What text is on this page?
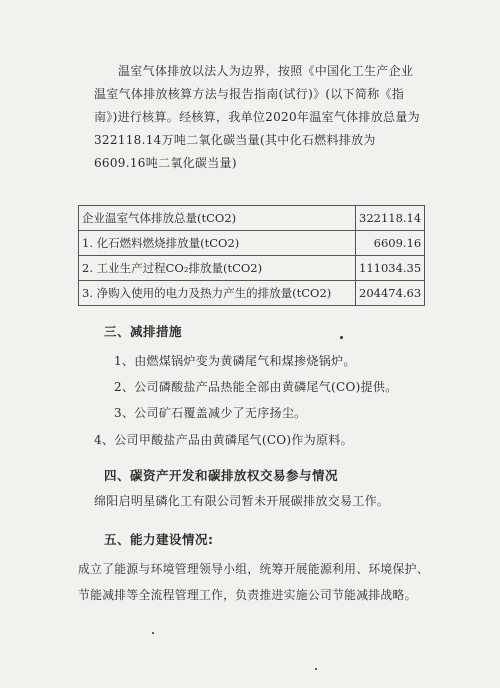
温室气体排放以法人为边界，按照《中国化工生产企业温室气体排放核算方法与报告指南(试行)》(以下简称《指南》)进行核算。经核算，我单位2020年温室气体排放总量为322118.14万吨二氧化碳当量(其中化石燃料排放为6609.16吨二氧化碳当量)

企业温室气体排放总量(tCO2)	322118.14
1. 化石燃料燃烧排放量(tCO2)	6609.16
2. 工业生产过程CO₂排放量(tCO2)	111034.35
3. 净购入使用的电力及热力产生的排放量(tCO2)	204474.63

三、减排措施

1、由燃煤锅炉变为黄磷尾气和煤掺烧锅炉。

2、公司磷酸盐产品热能全部由黄磷尾气(CO)提供。

3、公司矿石覆盖减少了无序扬尘。

4、公司甲酸盐产品由黄磷尾气(CO)作为原料。

四、碳资产开发和碳排放权交易参与情况

绵阳启明星磷化工有限公司暂未开展碳排放交易工作。

五、能力建设情况:

成立了能源与环境管理领导小组，统筹开展能源利用、环境保护、

节能减排等全流程管理工作，负责推进实施公司节能减排战略。
